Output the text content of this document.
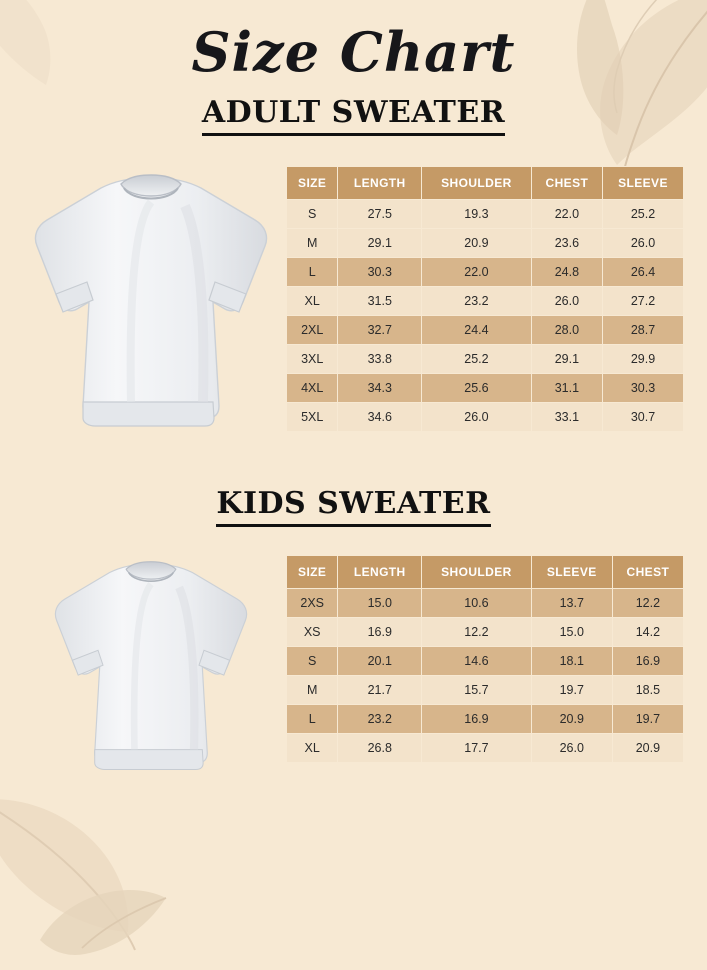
Size Chart
ADULT SWEATER
SIZE	LENGTH	SHOULDER	CHEST	SLEEVE
S	27.5	19.3	22.0	25.2
M	29.1	20.9	23.6	26.0
L	30.3	22.0	24.8	26.4
XL	31.5	23.2	26.0	27.2
2XL	32.7	24.4	28.0	28.7
3XL	33.8	25.2	29.1	29.9
4XL	34.3	25.6	31.1	30.3
5XL	34.6	26.0	33.1	30.7
KIDS SWEATER
SIZE	LENGTH	SHOULDER	SLEEVE	CHEST
2XS	15.0	10.6	13.7	12.2
XS	16.9	12.2	15.0	14.2
S	20.1	14.6	18.1	16.9
M	21.7	15.7	19.7	18.5
L	23.2	16.9	20.9	19.7
XL	26.8	17.7	26.0	20.9
